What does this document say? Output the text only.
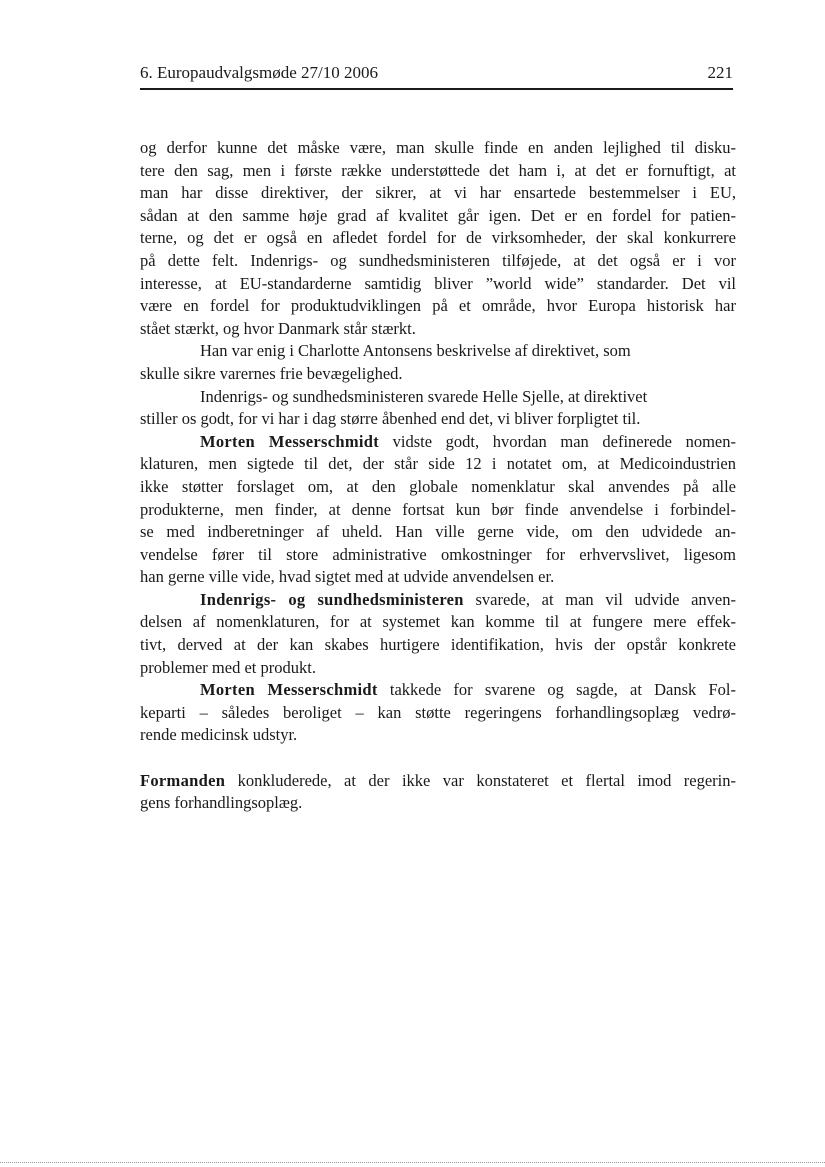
6. Europaudvalgsmøde 27/10 2006	221
og derfor kunne det måske være, man skulle finde en anden lejlighed til disku-
tere den sag, men i første række understøttede det ham i, at det er fornuftigt, at
man har disse direktiver, der sikrer, at vi har ensartede bestemmelser i EU,
sådan at den samme høje grad af kvalitet går igen. Det er en fordel for patien-
terne, og det er også en afledet fordel for de virksomheder, der skal konkurrere
på dette felt. Indenrigs- og sundhedsministeren tilføjede, at det også er i vor
interesse, at EU-standarderne samtidig bliver ”world wide” standarder. Det vil
være en fordel for produktudviklingen på et område, hvor Europa historisk har
stået stærkt, og hvor Danmark står stærkt.
Han var enig i Charlotte Antonsens beskrivelse af direktivet, som
skulle sikre varernes frie bevægelighed.
Indenrigs- og sundhedsministeren svarede Helle Sjelle, at direktivet
stiller os godt, for vi har i dag større åbenhed end det, vi bliver forpligtet til.
Morten Messerschmidt vidste godt, hvordan man definerede nomen-
klaturen, men sigtede til det, der står side 12 i notatet om, at Medicoindustrien
ikke støtter forslaget om, at den globale nomenklatur skal anvendes på alle
produkterne, men finder, at denne fortsat kun bør finde anvendelse i forbindel-
se med indberetninger af uheld. Han ville gerne vide, om den udvidede an-
vendelse fører til store administrative omkostninger for erhvervslivet, ligesom
han gerne ville vide, hvad sigtet med at udvide anvendelsen er.
Indenrigs- og sundhedsministeren svarede, at man vil udvide anven-
delsen af nomenklaturen, for at systemet kan komme til at fungere mere effek-
tivt, derved at der kan skabes hurtigere identifikation, hvis der opstår konkrete
problemer med et produkt.
Morten Messerschmidt takkede for svarene og sagde, at Dansk Fol-
keparti – således beroliget – kan støtte regeringens forhandlingsoplæg vedrø-
rende medicinsk udstyr.
Formanden konkluderede, at der ikke var konstateret et flertal imod regerin-
gens forhandlingsoplæg.
